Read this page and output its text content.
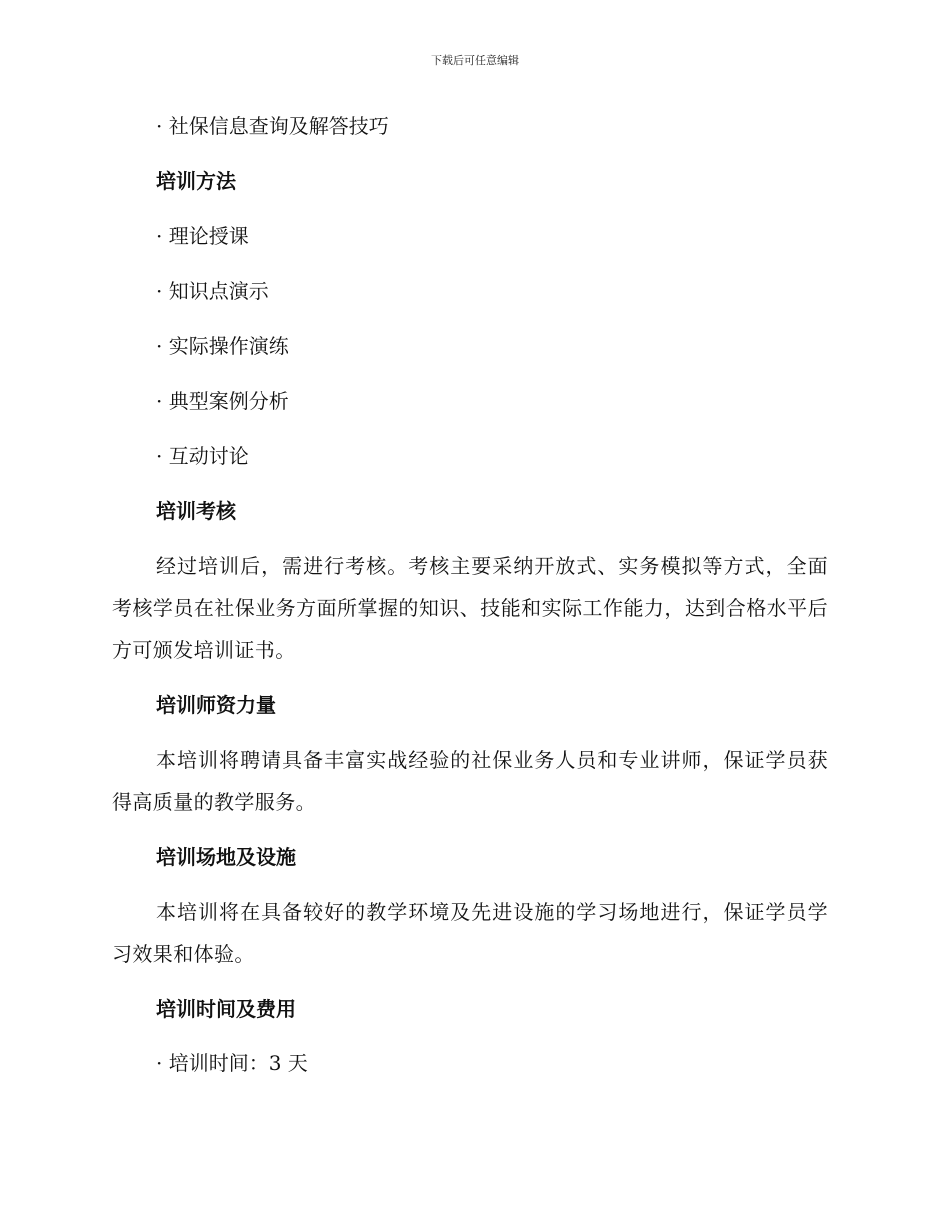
下载后可任意编辑
· 社保信息查询及解答技巧
培训方法
· 理论授课
· 知识点演示
· 实际操作演练
· 典型案例分析
· 互动讨论
培训考核
经过培训后，需进行考核。考核主要采纳开放式、实务模拟等方式，全面考核学员在社保业务方面所掌握的知识、技能和实际工作能力，达到合格水平后方可颁发培训证书。
培训师资力量
本培训将聘请具备丰富实战经验的社保业务人员和专业讲师，保证学员获得高质量的教学服务。
培训场地及设施
本培训将在具备较好的教学环境及先进设施的学习场地进行，保证学员学习效果和体验。
培训时间及费用
· 培训时间：3 天
